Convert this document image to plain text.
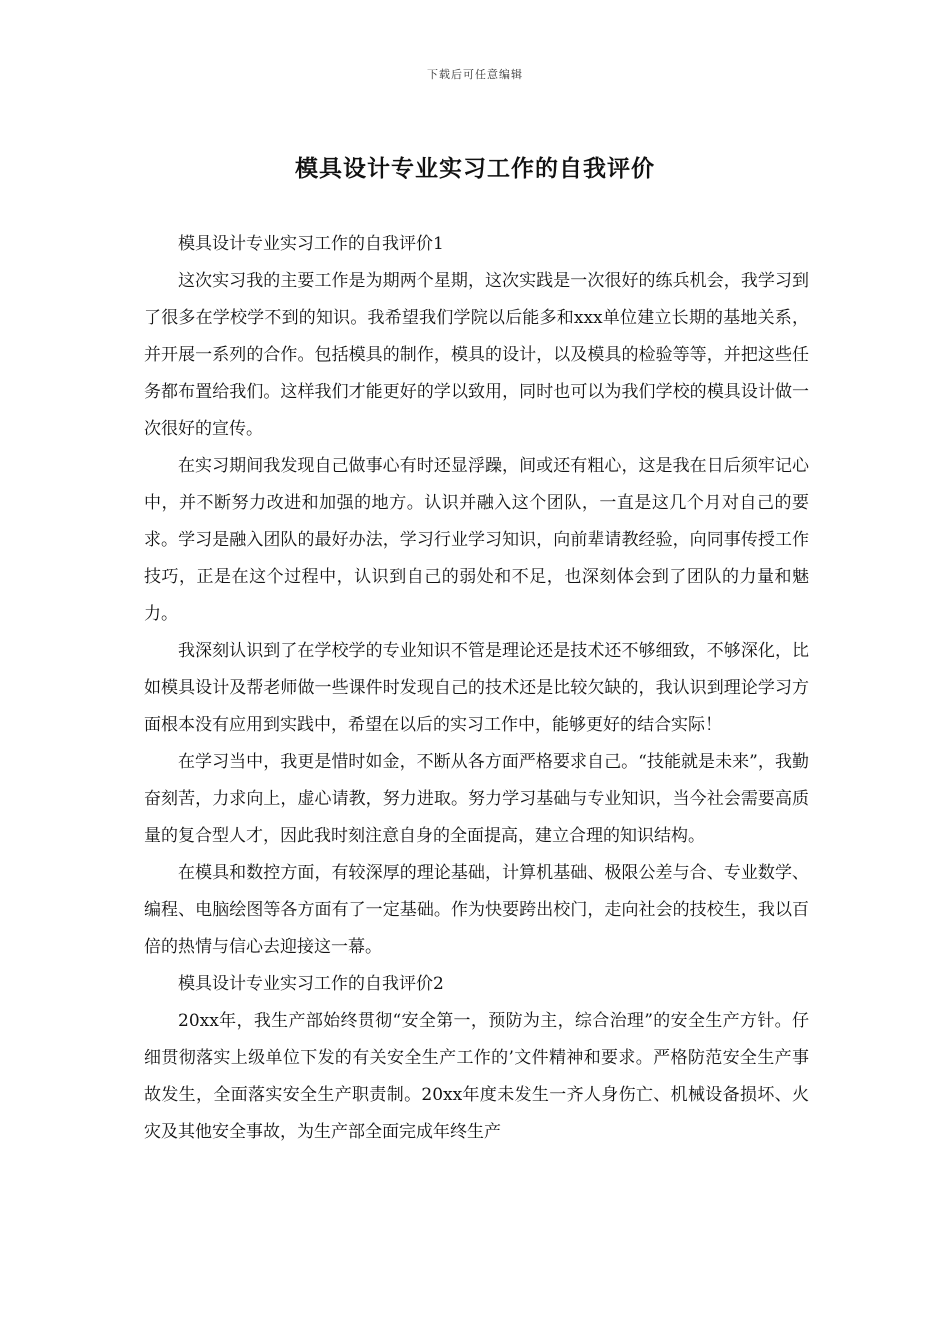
下载后可任意编辑
模具设计专业实习工作的自我评价

模具设计专业实习工作的自我评价1

这次实习我的主要工作是为期两个星期，这次实践是一次很好的练兵机会，我学习到了很多在学校学不到的知识。我希望我们学院以后能多和xxx单位建立长期的基地关系，并开展一系列的合作。包括模具的制作，模具的设计，以及模具的检验等等，并把这些任务都布置给我们。这样我们才能更好的学以致用，同时也可以为我们学校的模具设计做一次很好的宣传。

在实习期间我发现自己做事心有时还显浮躁，间或还有粗心，这是我在日后须牢记心中，并不断努力改进和加强的地方。认识并融入这个团队，一直是这几个月对自己的要求。学习是融入团队的最好办法，学习行业学习知识，向前辈请教经验，向同事传授工作技巧，正是在这个过程中，认识到自己的弱处和不足，也深刻体会到了团队的力量和魅力。

我深刻认识到了在学校学的专业知识不管是理论还是技术还不够细致，不够深化，比如模具设计及帮老师做一些课件时发现自己的技术还是比较欠缺的，我认识到理论学习方面根本没有应用到实践中，希望在以后的实习工作中，能够更好的结合实际！

在学习当中，我更是惜时如金，不断从各方面严格要求自己。“技能就是未来”，我勤奋刻苦，力求向上，虚心请教，努力进取。努力学习基础与专业知识，当今社会需要高质量的复合型人才，因此我时刻注意自身的全面提高，建立合理的知识结构。

在模具和数控方面，有较深厚的理论基础，计算机基础、极限公差与合、专业数学、编程、电脑绘图等各方面有了一定基础。作为快要跨出校门，走向社会的技校生，我以百倍的热情与信心去迎接这一幕。

模具设计专业实习工作的自我评价2

20xx年，我生产部始终贯彻“安全第一，预防为主，综合治理”的安全生产方针。仔细贯彻落实上级单位下发的有关安全生产工作的’文件精神和要求。严格防范安全生产事故发生，全面落实安全生产职责制。20xx年度未发生一齐人身伤亡、机械设备损坏、火灾及其他安全事故，为生产部全面完成年终生产
